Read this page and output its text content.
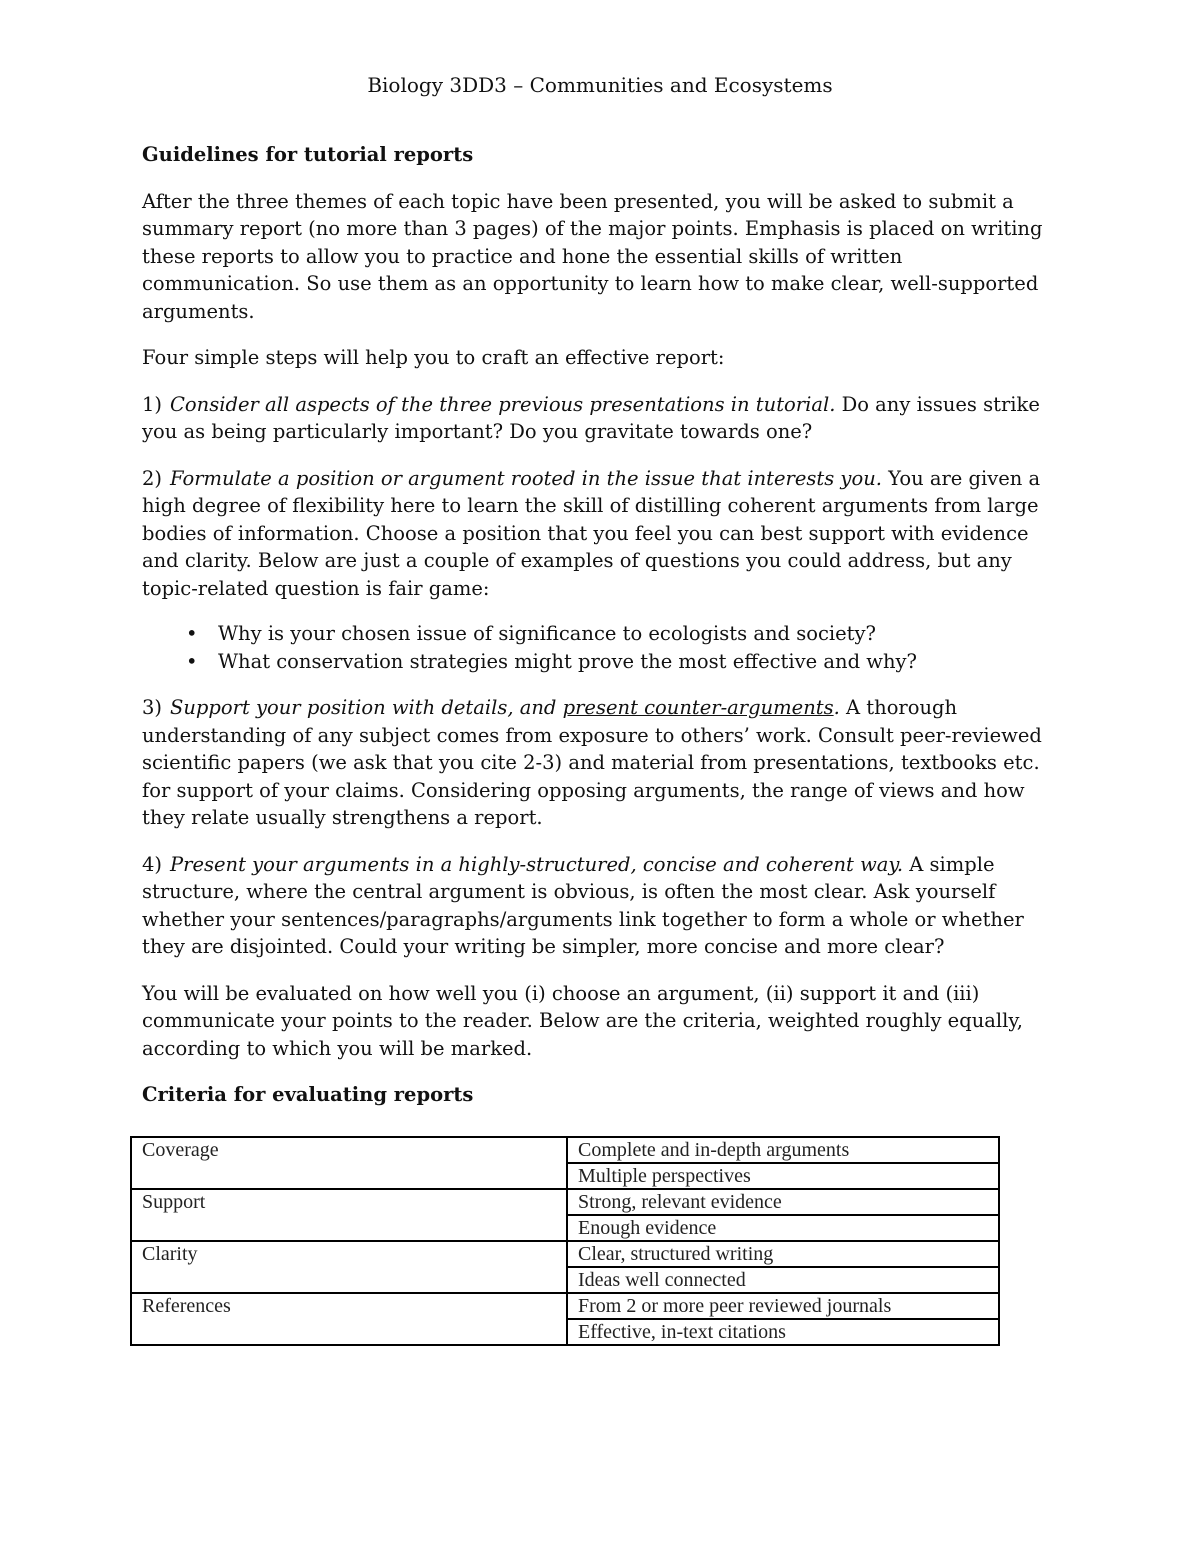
Biology 3DD3 – Communities and Ecosystems
Guidelines for tutorial reports

After the three themes of each topic have been presented, you will be asked to submit a summary report (no more than 3 pages) of the major points. Emphasis is placed on writing these reports to allow you to practice and hone the essential skills of written communication. So use them as an opportunity to learn how to make clear, well-supported arguments.

Four simple steps will help you to craft an effective report:

1) Consider all aspects of the three previous presentations in tutorial. Do any issues strike you as being particularly important? Do you gravitate towards one?

2) Formulate a position or argument rooted in the issue that interests you. You are given a high degree of flexibility here to learn the skill of distilling coherent arguments from large bodies of information. Choose a position that you feel you can best support with evidence and clarity. Below are just a couple of examples of questions you could address, but any topic-related question is fair game:

• Why is your chosen issue of significance to ecologists and society?
• What conservation strategies might prove the most effective and why?

3) Support your position with details, and present counter-arguments. A thorough understanding of any subject comes from exposure to others’ work. Consult peer-reviewed scientific papers (we ask that you cite 2-3) and material from presentations, textbooks etc. for support of your claims. Considering opposing arguments, the range of views and how they relate usually strengthens a report.

4) Present your arguments in a highly-structured, concise and coherent way. A simple structure, where the central argument is obvious, is often the most clear. Ask yourself whether your sentences/paragraphs/arguments link together to form a whole or whether they are disjointed. Could your writing be simpler, more concise and more clear?

You will be evaluated on how well you (i) choose an argument, (ii) support it and (iii) communicate your points to the reader. Below are the criteria, weighted roughly equally, according to which you will be marked.

Criteria for evaluating reports
Coverage	Complete and in-depth arguments
	Multiple perspectives
Support	Strong, relevant evidence
	Enough evidence
Clarity	Clear, structured writing
	Ideas well connected
References	From 2 or more peer reviewed journals
	Effective, in-text citations
